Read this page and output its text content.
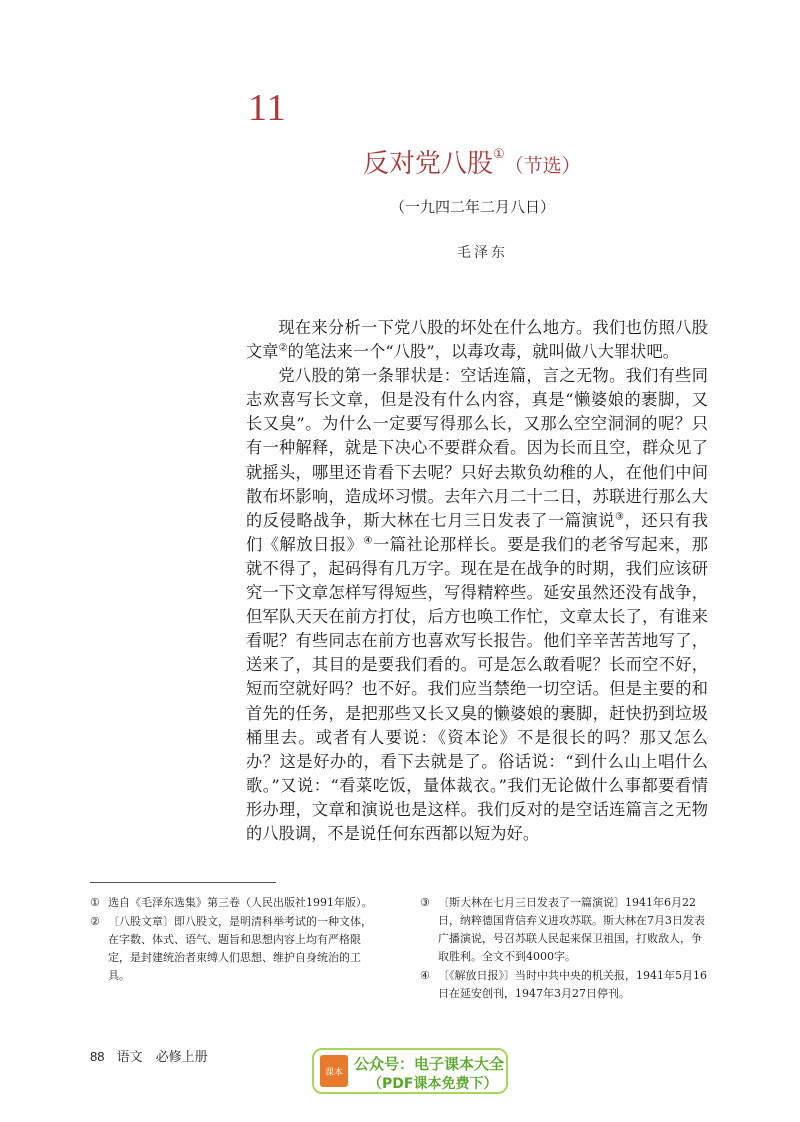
11
反对党八股①（节选）
（一九四二年二月八日）
毛泽东

现在来分析一下党八股的坏处在什么地方。我们也仿照八股文章②的笔法来一个“八股”，以毒攻毒，就叫做八大罪状吧。

党八股的第一条罪状是：空话连篇，言之无物。我们有些同志欢喜写长文章，但是没有什么内容，真是“懒婆娘的裹脚，又长又臭”。为什么一定要写得那么长，又那么空空洞洞的呢？只有一种解释，就是下决心不要群众看。因为长而且空，群众见了就摇头，哪里还肯看下去呢？只好去欺负幼稚的人，在他们中间散布坏影响，造成坏习惯。去年六月二十二日，苏联进行那么大的反侵略战争，斯大林在七月三日发表了一篇演说③，还只有我们《解放日报》④一篇社论那样长。要是我们的老爷写起来，那就不得了，起码得有几万字。现在是在战争的时期，我们应该研究一下文章怎样写得短些，写得精粹些。延安虽然还没有战争，但军队天天在前方打仗，后方也唤工作忙，文章太长了，有谁来看呢？有些同志在前方也喜欢写长报告。他们辛辛苦苦地写了，送来了，其目的是要我们看的。可是怎么敢看呢？长而空不好，短而空就好吗？也不好。我们应当禁绝一切空话。但是主要的和首先的任务，是把那些又长又臭的懒婆娘的裹脚，赶快扔到垃圾桶里去。或者有人要说：《资本论》不是很长的吗？那又怎么办？这是好办的，看下去就是了。俗话说：“到什么山上唱什么歌。”又说：“看菜吃饭，量体裁衣。”我们无论做什么事都要看情形办理，文章和演说也是这样。我们反对的是空话连篇言之无物的八股调，不是说任何东西都以短为好。

① 选自《毛泽东选集》第三卷（人民出版社1991年版）。
② 〔八股文章〕即八股文，是明清科举考试的一种文体，在字数、体式、语气、题旨和思想内容上均有严格限定，是封建统治者束缚人们思想、维护自身统治的工具。
③ 〔斯大林在七月三日发表了一篇演说〕1941年6月22日，纳粹德国背信弃义进攻苏联。斯大林在7月3日发表广播演说，号召苏联人民起来保卫祖国，打败敌人，争取胜利。全文不到4000字。
④ 〔《解放日报》〕当时中共中央的机关报，1941年5月16日在延安创刊，1947年3月27日停刊。
88 语文　必修上册
课本 公众号：电子课本大全
（PDF课本免费下）
